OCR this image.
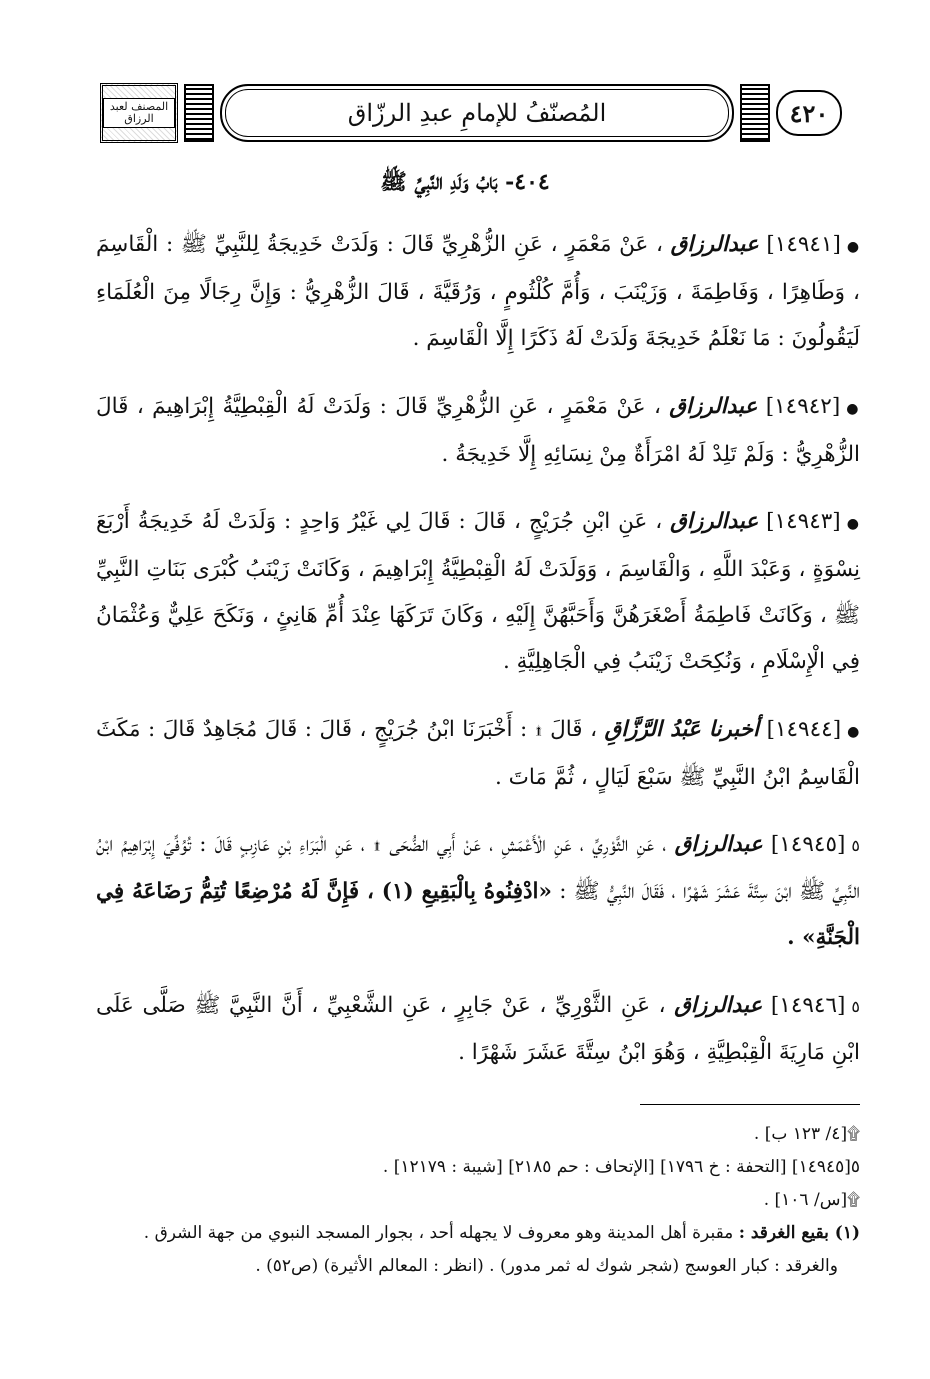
المصنف لعبد الرزاق	المُصنّفُ للإمامِ عبدِ الرزّاق	٤٢٠
٤٠٤- بَابُ وَلَدِ النَّبِيِّ ﷺ

●[١٤٩٤١] عبدالرزاق ، عَنْ مَعْمَرٍ ، عَنِ الزُّهْرِيِّ قَالَ : وَلَدَتْ خَدِيجَةُ لِلنَّبِيِّ ﷺ : الْقَاسِمَ ، وَطَاهِرًا ، وَفَاطِمَةَ ، وَزَيْنَبَ ، وَأُمَّ كُلْثُومٍ ، وَرُقَيَّةَ ، قَالَ الزُّهْرِيُّ : وَإِنَّ رِجَالًا مِنَ الْعُلَمَاءِ لَيَقُولُونَ : مَا نَعْلَمُ خَدِيجَةَ وَلَدَتْ لَهُ ذَكَرًا إِلَّا الْقَاسِمَ .

●[١٤٩٤٢] عبدالرزاق ، عَنْ مَعْمَرٍ ، عَنِ الزُّهْرِيِّ قَالَ : وَلَدَتْ لَهُ الْقِبْطِيَّةُ إِبْرَاهِيمَ ، قَالَ الزُّهْرِيُّ : وَلَمْ تَلِدْ لَهُ امْرَأَةٌ مِنْ نِسَائِهِ إِلَّا خَدِيجَةُ .

●[١٤٩٤٣] عبدالرزاق ، عَنِ ابْنِ جُرَيْجٍ ، قَالَ : قَالَ لِي غَيْرُ وَاحِدٍ : وَلَدَتْ لَهُ خَدِيجَةُ أَرْبَعَ نِسْوَةٍ ، وَعَبْدَ اللَّهِ ، وَالْقَاسِمَ ، وَوَلَدَتْ لَهُ الْقِبْطِيَّةُ إِبْرَاهِيمَ ، وَكَانَتْ زَيْنَبُ كُبْرَى بَنَاتِ النَّبِيِّ ﷺ ، وَكَانَتْ فَاطِمَةُ أَصْغَرَهُنَّ وَأَحَبَّهُنَّ إِلَيْهِ ، وَكَانَ تَرَكَهَا عِنْدَ أُمِّ هَانِئٍ ، وَنَكَحَ عَلِيٌّ وَعُثْمَانُ فِي الْإِسْلَامِ ، وَنُكِحَتْ زَيْنَبُ فِي الْجَاهِلِيَّةِ .

●[١٤٩٤٤] أخبرنا عَبْدُ الرَّزَّاقِ ، قَالَ ۩ : أَخْبَرَنَا ابْنُ جُرَيْجٍ ، قَالَ : قَالَ مُجَاهِدٌ قَالَ : مَكَثَ الْقَاسِمُ ابْنُ النَّبِيِّ ﷺ سَبْعَ لَيَالٍ ، ثُمَّ مَاتَ .

٥[١٤٩٤٥] عبدالرزاق ، عَنِ الثَّوْرِيِّ ، عَنِ الْأَعْمَشِ ، عَنْ أَبِي الضُّحَى ۩ ، عَنِ الْبَرَاءِ بْنِ عَازِبٍ قَالَ : تُوُفِّيَ إِبْرَاهِيمُ ابْنُ النَّبِيِّ ﷺ ابْنَ سِتَّةَ عَشَرَ شَهْرًا ، فَقَالَ النَّبِيُّ ﷺ : «ادْفِنُوهُ بِالْبَقِيعِ (١) ، فَإِنَّ لَهُ مُرْضِعًا تُتِمُّ رَضَاعَهُ فِي الْجَنَّةِ» .

٥[١٤٩٤٦] عبدالرزاق ، عَنِ الثَّوْرِيِّ ، عَنْ جَابِرٍ ، عَنِ الشَّعْبِيِّ ، أَنَّ النَّبِيَّ ﷺ صَلَّى عَلَى ابْنِ مَارِيَةَ الْقِبْطِيَّةِ ، وَهُوَ ابْنُ سِتَّةَ عَشَرَ شَهْرًا .

۩[٤/ ١٢٣ ب] .
٥[١٤٩٤٥] [التحفة : خ ١٧٩٦] [الإتحاف : حم ٢١٨٥] [شيبة : ١٢١٧٩] .
۩[س/ ١٠٦] .
(١) بقيع الغرقد : مقبرة أهل المدينة وهو معروف لا يجهله أحد ، بجوار المسجد النبوي من جهة الشرق .
والغرقد : كبار العوسج (شجر شوك له ثمر مدور) . (انظر : المعالم الأثيرة) (ص٥٢) .
